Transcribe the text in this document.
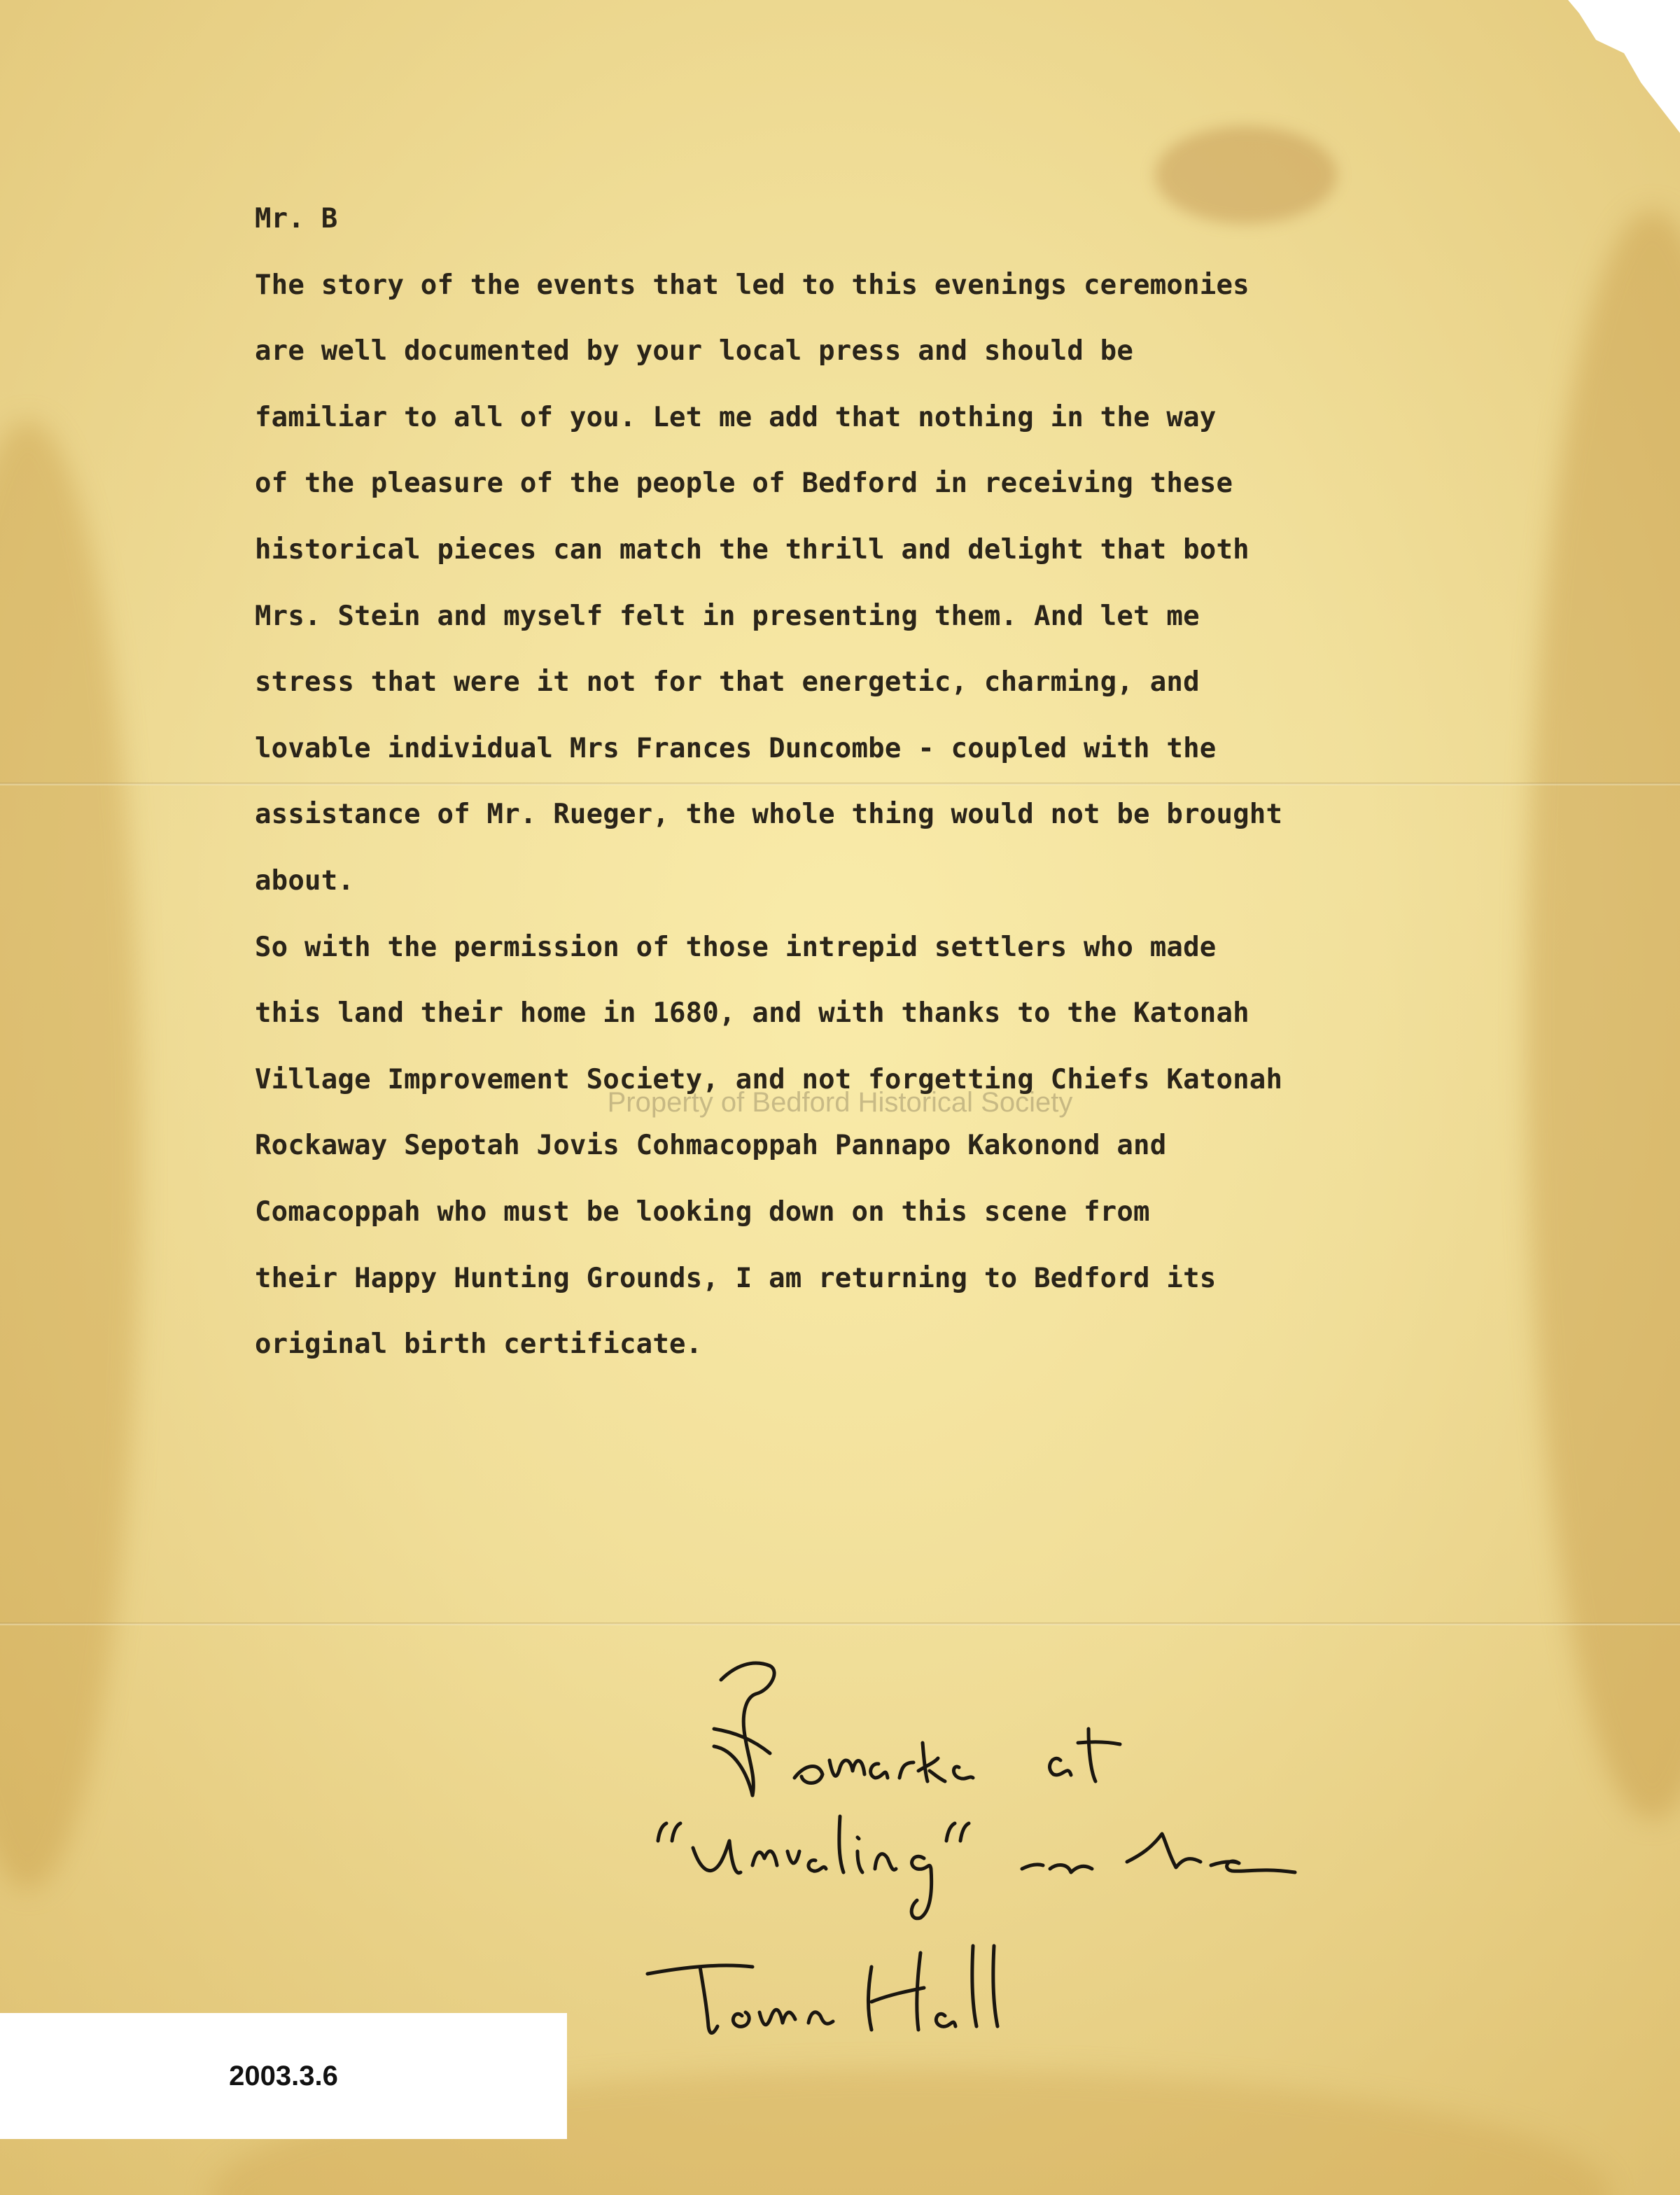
Mr. B
The story of the events that led to this evenings ceremonies
are well documented by your local press and should be
familiar to all of you. Let me add that nothing in the way
of the pleasure of the people of Bedford in receiving these
historical pieces can match the thrill and delight that both
Mrs. Stein and myself felt in presenting them. And let me
stress that were it not for that energetic, charming, and
lovable individual Mrs Frances Duncombe - coupled with the
assistance of Mr. Rueger, the whole thing would not be brought
about.
So with the permission of those intrepid settlers who made
this land their home in 1680, and with thanks to the Katonah
Village Improvement Society, and not forgetting Chiefs Katonah
Rockaway Sepotah Jovis Cohmacoppah Pannapo Kakonond and
Comacoppah who must be looking down on this scene from
their Happy Hunting Grounds, I am returning to Bedford its
original birth certificate.
Property of Bedford Historical Society
2003.3.6
